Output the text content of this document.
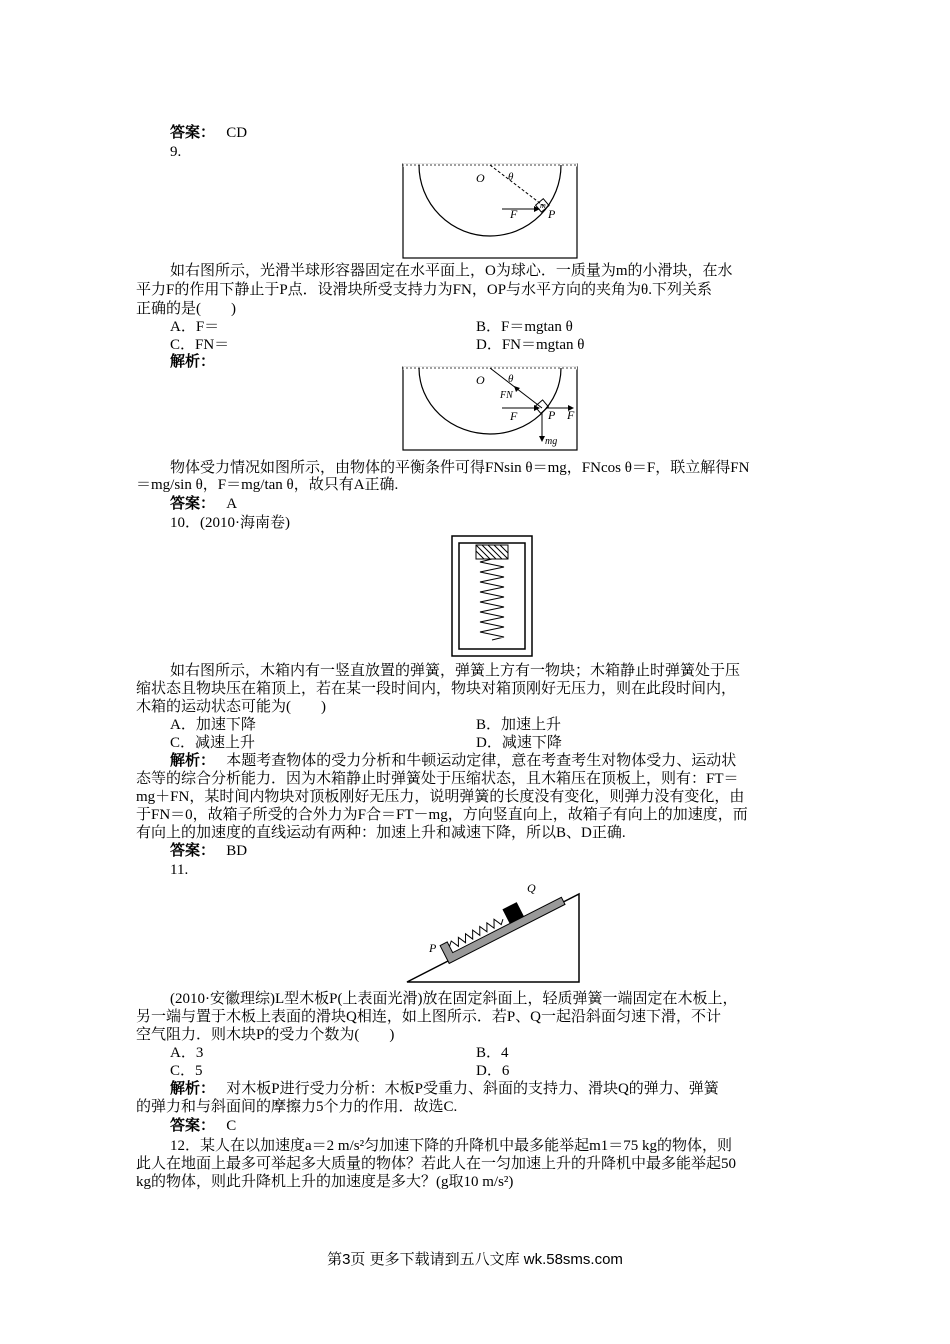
答案： CD
9.
O θ
F
m
P
如右图所示，光滑半球形容器固定在水平面上，O为球心．一质量为m的小滑块，在水
平力F的作用下静止于P点．设滑块所受支持力为FN，OP与水平方向的夹角为θ.下列关系
正确的是(　　)
A．F＝	B．F＝mgtan θ
C．FN＝	D．FN＝mgtan θ
解析：
O θ
FN
F	P F
mg
物体受力情况如图所示，由物体的平衡条件可得FNsin θ＝mg，FNcos θ＝F，联立解得FN
＝mg/sin θ，F＝mg/tan θ，故只有A正确.
答案： A
10．(2010·海南卷)
如右图所示，木箱内有一竖直放置的弹簧，弹簧上方有一物块；木箱静止时弹簧处于压
缩状态且物块压在箱顶上，若在某一段时间内，物块对箱顶刚好无压力，则在此段时间内，
木箱的运动状态可能为(　　)
A．加速下降	B．加速上升
C．减速上升	D．减速下降
解析： 本题考查物体的受力分析和牛顿运动定律，意在考查考生对物体受力、运动状
态等的综合分析能力．因为木箱静止时弹簧处于压缩状态，且木箱压在顶板上，则有：FT＝
mg＋FN，某时间内物块对顶板刚好无压力，说明弹簧的长度没有变化，则弹力没有变化，由
于FN＝0，故箱子所受的合外力为F合＝FT－mg，方向竖直向上，故箱子有向上的加速度，而
有向上的加速度的直线运动有两种：加速上升和减速下降，所以B、D正确.
答案： BD
11.
Q
P
(2010·安徽理综)L型木板P(上表面光滑)放在固定斜面上，轻质弹簧一端固定在木板上，
另一端与置于木板上表面的滑块Q相连，如上图所示．若P、Q一起沿斜面匀速下滑，不计
空气阻力．则木块P的受力个数为(　　)
A．3	B．4
C．5	D．6
解析： 对木板P进行受力分析：木板P受重力、斜面的支持力、滑块Q的弹力、弹簧
的弹力和与斜面间的摩擦力5个力的作用．故选C.
答案： C
12．某人在以加速度a＝2 m/s²匀加速下降的升降机中最多能举起m1＝75 kg的物体，则
此人在地面上最多可举起多大质量的物体？若此人在一匀加速上升的升降机中最多能举起50
kg的物体，则此升降机上升的加速度是多大？(g取10 m/s²)
第3页 更多下载请到五八文库 wk.58sms.com
